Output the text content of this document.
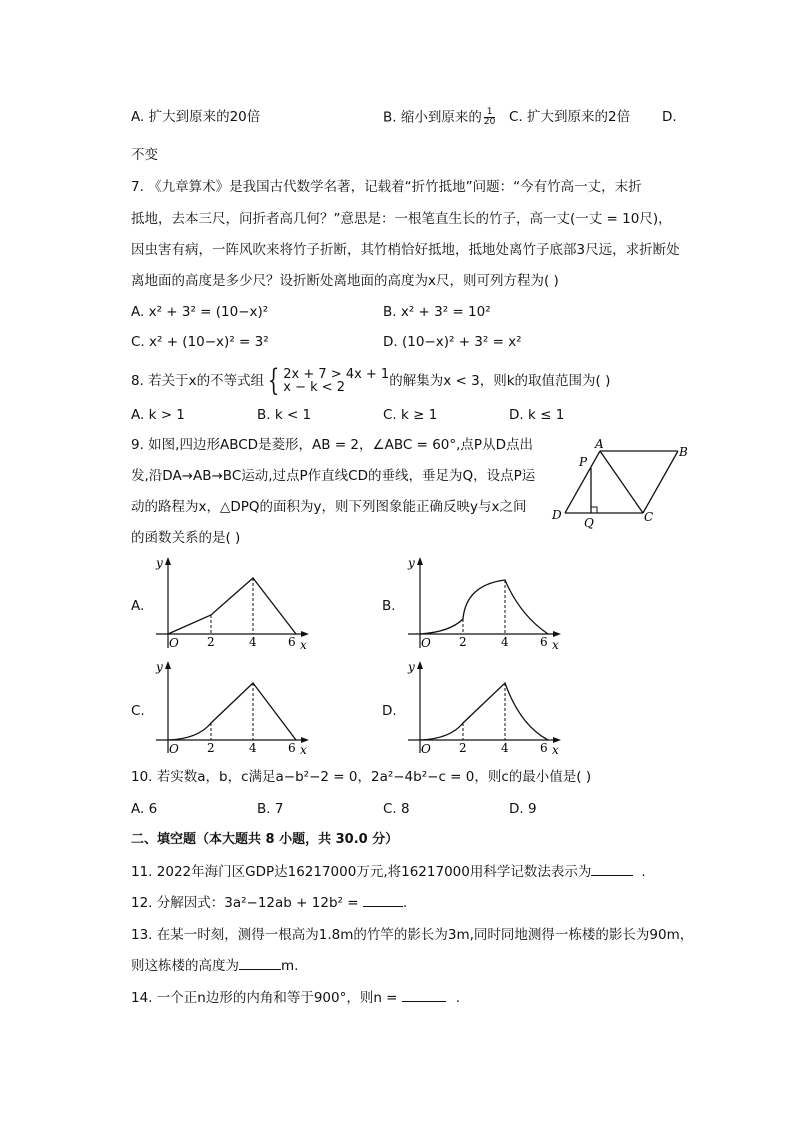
A. 扩大到原来的20倍	B. 缩小到原来的 $\frac{1}{20} C$. 扩大到原来的2倍 D.
不变
7. 《九章算术》是我国古代数学名著，记载着“折竹抵地”问题：“今有竹高一丈，末折
抵地，去本三尺，问折者高几何？”意思是：一根笔直生长的竹子，高一丈(一丈 = 10尺)，
因虫害有病，一阵风吹来将竹子折断，其竹梢恰好抵地，抵地处离竹子底部3尺远，求折断处
离地面的高度是多少尺？设折断处离地面的高度为x尺，则可列方程为( )
A. x² + 3² = (10−x)²	B. x² + 3² = 10²
C. x² + (10−x)² = 3²	D. (10−x)² + 3² = x²
8. 若关于x的不等式组 { 2x + 7 > 4x + 1
x − k < 2	的解集为x < 3，则k的取值范围为( )
A. k > 1	B. k < 1	C. k ≥ 1	D. k ≤ 1
9. 如图,四边形ABCD是菱形，AB = 2，∠ABC = 60°,点P从D点出
发,沿DA→AB→BC运动,过点P作直线CD的垂线，垂足为Q，设点P运
动的路程为x，△DPQ的面积为y，则下列图象能正确反映y与x之间
的函数关系的是( )
A
B
D	C
P
Q
A.	B.
C.	D.
y
x
O 2	4	6
y
x
O 2	4	6
y
x
O 2	4	6
y
x
O 2	4	6
10. 若实数a，b，c满足a−b²−2 = 0，2a²−4b²−c = 0，则c的最小值是( )
A. 6	B. 7	C. 8	D. 9
二、填空题（本大题共 8 小题，共 30.0 分）
11. 2022年海门区GDP达16217000万元,将16217000用科学记数法表示为	.
12. 分解因式：3a²−12ab + 12b² =	.
13. 在某一时刻，测得一根高为1.8m的竹竿的影长为3m,同时同地测得一栋楼的影长为90m，
则这栋楼的高度为	m.
14. 一个正n边形的内角和等于900°，则n =	.
